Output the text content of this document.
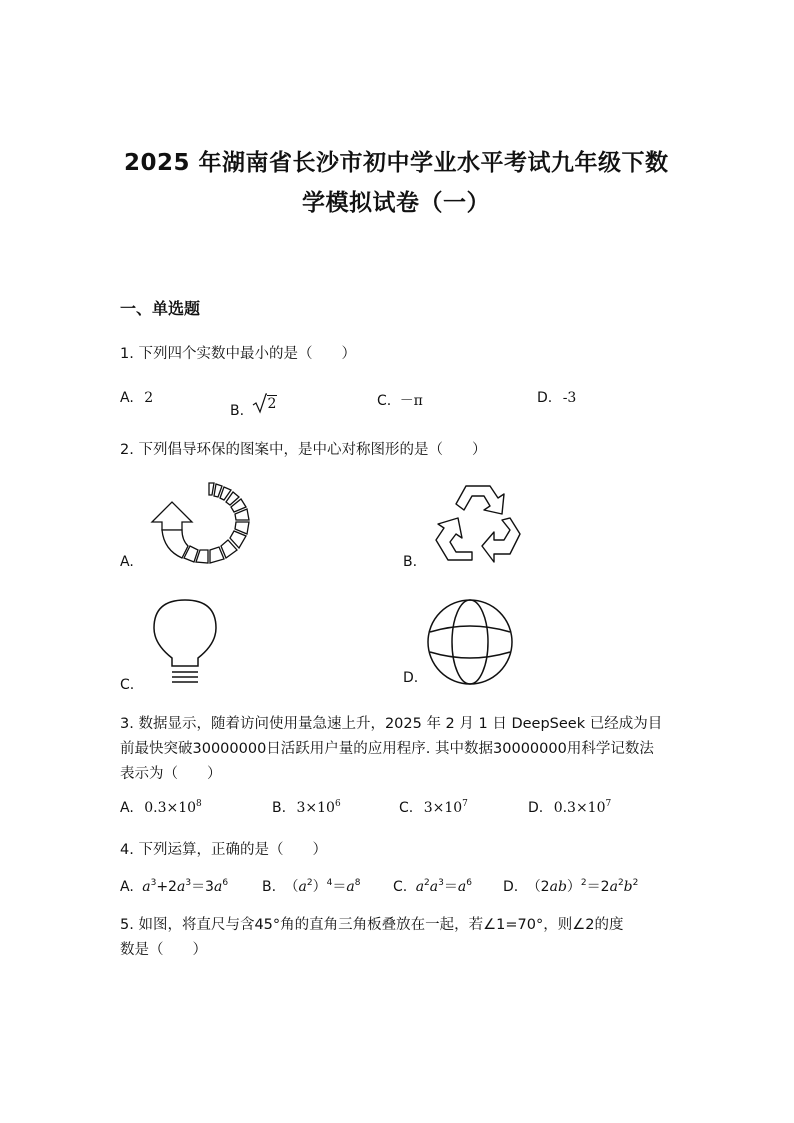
2025 年湖南省长沙市初中学业水平考试九年级下数
学模拟试卷（一）
一、单选题
1. 下列四个实数中最小的是（　　）
A. 2
B. 2	C. －π	D. -3
2. 下列倡导环保的图案中，是中心对称图形的是（　　）
A.	B.
C.	D.
3. 数据显示，随着访问使用量急速上升，2025 年 2 月 1 日 DeepSeek 已经成为目
前最快突破30000000日活跃用户量的应用程序. 其中数据30000000用科学记数法
表示为（　　）
A. $0.3\times 10^8$	B. $3\times 10^6$	C. $3\times 10^7$	D. $0.3\times 10^7$
4. 下列运算，正确的是（　　）
A. $a^3+2a^3=3a^6$ B. $(a^2)^4=a^8$ C. $a^2a^3=a^6$ D. $(2ab)^2=2a^2b^2$
5. 如图，将直尺与含45°角的直角三角板叠放在一起，若∠1=70°，则∠2的度
数是（　　）
